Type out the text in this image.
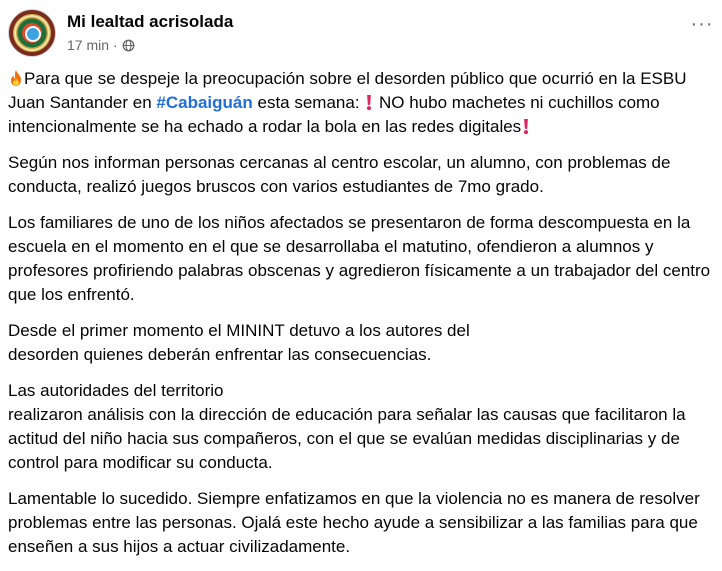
Mi lealtad acrisolada
17 min ·
···

Para que se despeje la preocupación sobre el desorden público que ocurrió en la ESBU Juan Santander en #Cabaiguán esta semana:  NO hubo machetes ni cuchillos como intencionalmente se ha echado a rodar la bola en las redes digitales

Según nos informan personas cercanas al centro escolar, un alumno, con problemas de conducta, realizó juegos bruscos con varios estudiantes de 7mo grado.

Los familiares de uno de los niños afectados se presentaron de forma descompuesta en la escuela en el momento en el que se desarrollaba el matutino, ofendieron a alumnos y profesores profiriendo palabras obscenas y agredieron físicamente a un trabajador del centro que los enfrentó.

Desde el primer momento el MININT detuvo a los autores del
desorden quienes deberán enfrentar las consecuencias.

Las autoridades del territorio
realizaron análisis con la dirección de educación para señalar las causas que facilitaron la actitud del niño hacia sus compañeros, con el que se evalúan medidas disciplinarias y de control para modificar su conducta.

Lamentable lo sucedido. Siempre enfatizamos en que la violencia no es manera de resolver problemas entre las personas. Ojalá este hecho ayude a sensibilizar a las familias para que enseñen a sus hijos a actuar civilizadamente.
